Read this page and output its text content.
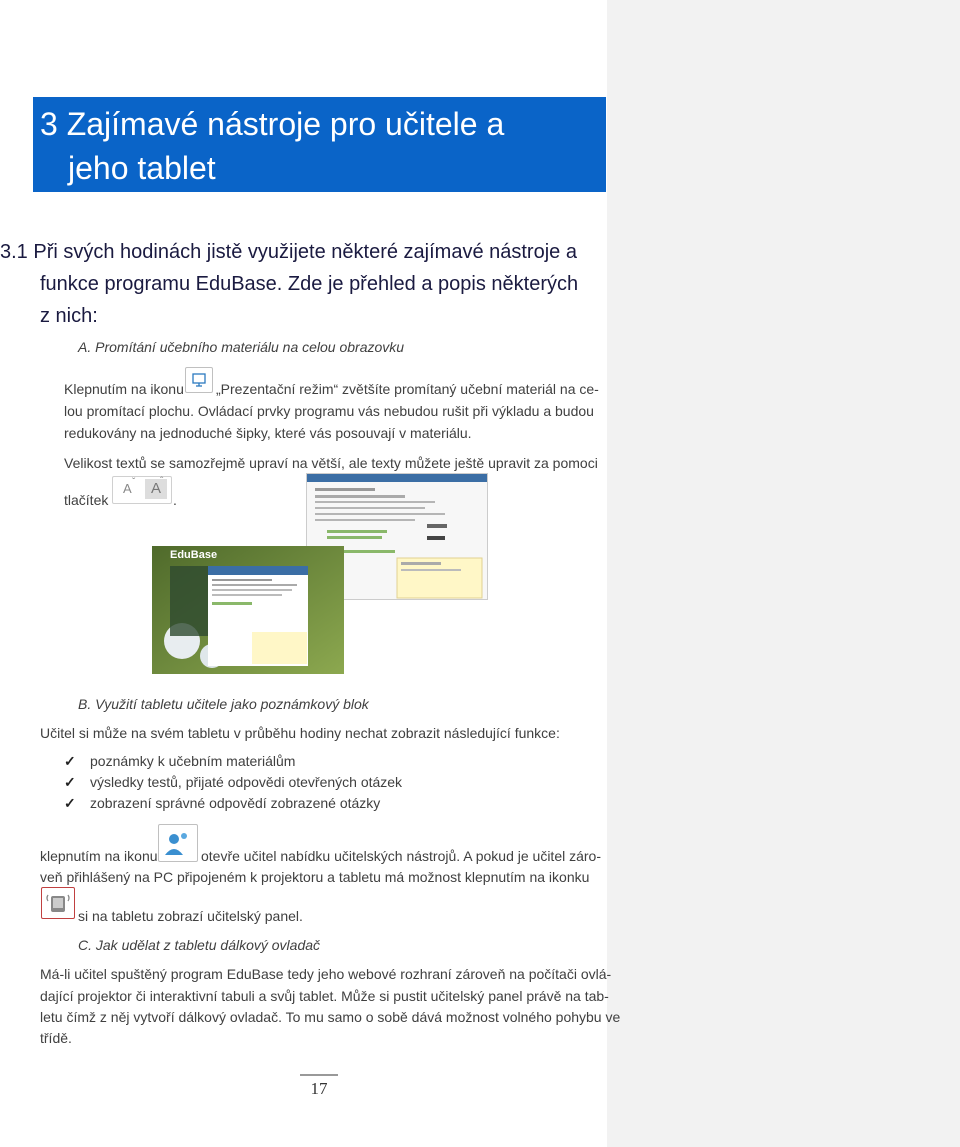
3 Zajímavé nástroje pro učitele a
jeho tablet
3.1 Při svých hodinách jistě využijete některé zajímavé nástroje a
funkce programu EduBase. Zde je přehled a popis některých
z nich:
A. Promítání učebního materiálu na celou obrazovku
Klepnutím na ikonu „Prezentační režim“ zvětšíte promítaný učební materiál na ce-
lou promítací plochu. Ovládací prvky programu vás nebudou rušit při výkladu a budou
redukovány na jednoduché šipky, které vás posouvají v materiálu.
Velikost textů se samozřejmě upraví na větší, ale texty můžete ještě upravit za pomoci
tlačítek
A ˇ	A ˆ
.
EduBase
B. Využití tabletu učitele jako poznámkový blok
Učitel si může na svém tabletu v průběhu hodiny nechat zobrazit následující funkce:
✓ poznámky k učebním materiálům
✓ výsledky testů, přijaté odpovědi otevřených otázek
✓ zobrazení správné odpovědí zobrazené otázky
klepnutím na ikonu	otevře učitel nabídku učitelských nástrojů. A pokud je učitel záro-
veň přihlášený na PC připojeném k projektoru a tabletu má možnost klepnutím na ikonku
si na tabletu zobrazí učitelský panel.
C. Jak udělat z tabletu dálkový ovladač
Má-li učitel spuštěný program EduBase tedy jeho webové rozhraní zároveň na počítači ovlá-
dající projektor či interaktivní tabuli a svůj tablet. Může si pustit učitelský panel právě na tab-
letu čímž z něj vytvoří dálkový ovladač. To mu samo o sobě dává možnost volného pohybu ve
třídě.
17
